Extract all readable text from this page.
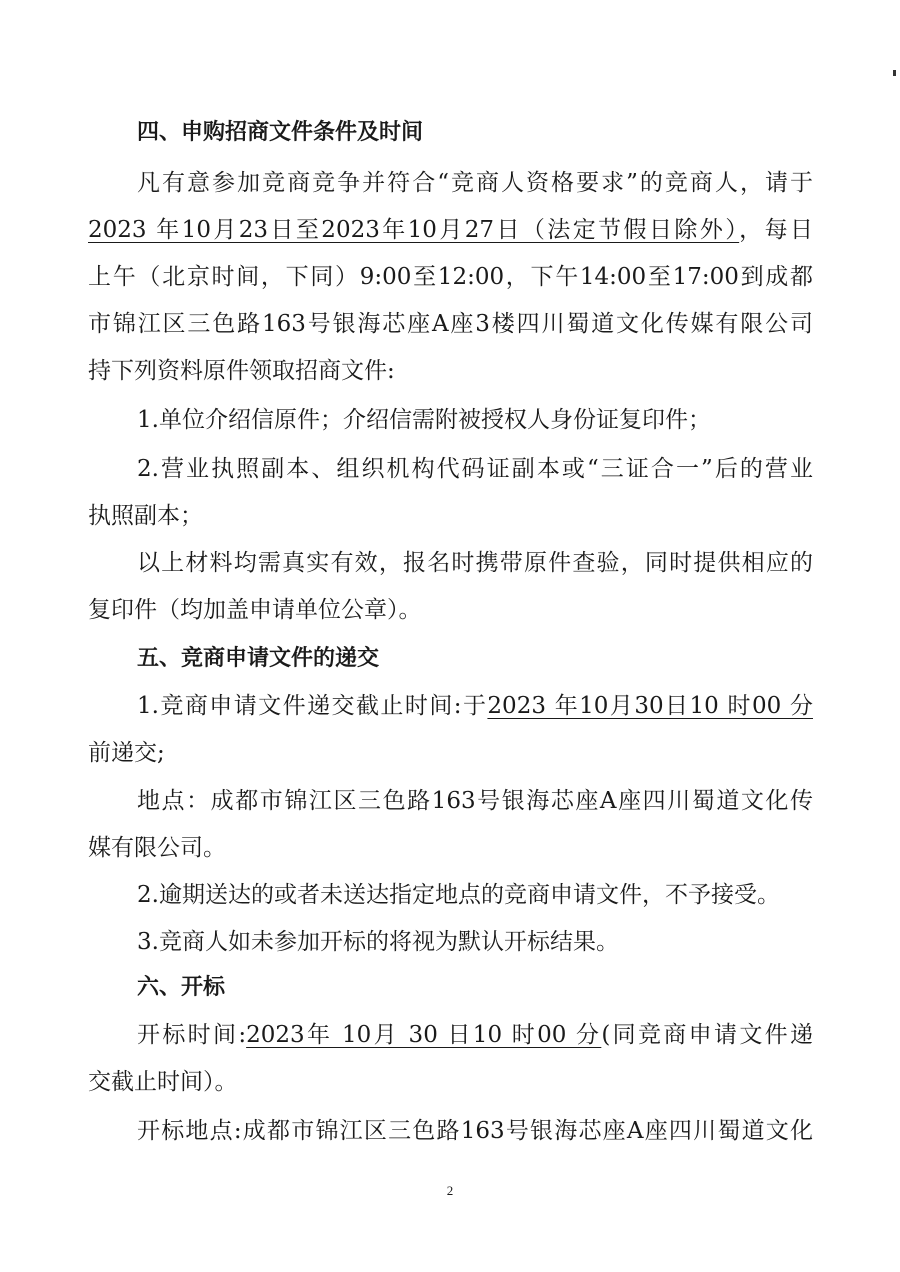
四、申购招商文件条件及时间
凡有意参加竞商竞争并符合“竞商人资格要求”的竞商人，请于
2023 年10月23日至2023年10月27日（法定节假日除外），每日
上午（北京时间，下同）9:00至12:00，下午14:00至17:00到成都
市锦江区三色路163号银海芯座A座3楼四川蜀道文化传媒有限公司
持下列资料原件领取招商文件:
1.单位介绍信原件；介绍信需附被授权人身份证复印件；
2.营业执照副本、组织机构代码证副本或“三证合一”后的营业
执照副本；
以上材料均需真实有效，报名时携带原件查验，同时提供相应的
复印件（均加盖申请单位公章）。
五、竞商申请文件的递交
1.竞商申请文件递交截止时间:于2023 年10月30日10 时00 分
前递交;
地点：成都市锦江区三色路163号银海芯座A座四川蜀道文化传
媒有限公司。
2.逾期送达的或者未送达指定地点的竞商申请文件，不予接受。
3.竞商人如未参加开标的将视为默认开标结果。
六、开标
开标时间:2023年 10月 30 日10 时00 分(同竞商申请文件递
交截止时间）。
开标地点:成都市锦江区三色路163号银海芯座A座四川蜀道文化
2
